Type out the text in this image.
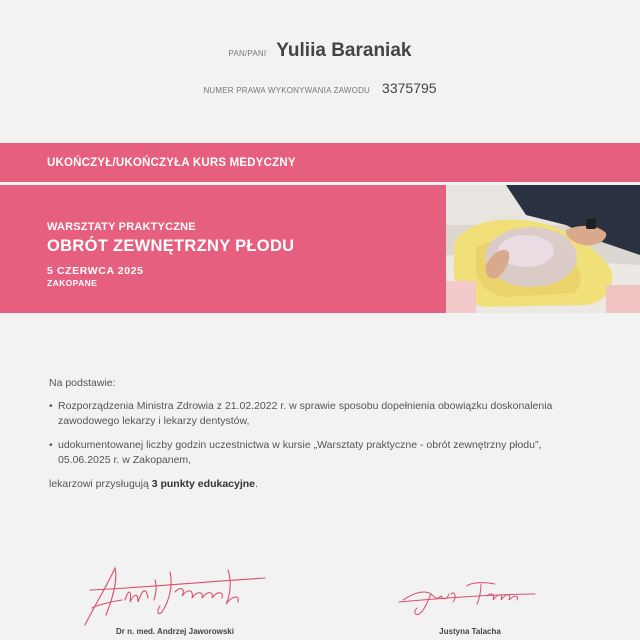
PAN/PANI Yuliia Baraniak
NUMER PRAWA WYKONYWANIA ZAWODU 3375795
UKOŃCZYŁ/UKOŃCZYŁA KURS MEDYCZNY
WARSZTATY PRAKTYCZNE
OBRÓT ZEWNĘTRZNY PŁODU
5 CZERWCA 2025
ZAKOPANE
Na podstawie:
• Rozporządzenia Ministra Zdrowia z 21.02.2022 r. w sprawie sposobu dopełnienia obowiązku doskonalenia zawodowego lekarzy i lekarzy dentystów,
• udokumentowanej liczby godzin uczestnictwa w kursie „Warsztaty praktyczne - obrót zewnętrzny płodu”, 05.06.2025 r. w Zakopanem,
lekarzowi przysługują 3 punkty edukacyjne.
Dr n. med. Andrzej Jaworowski	Justyna Talacha
